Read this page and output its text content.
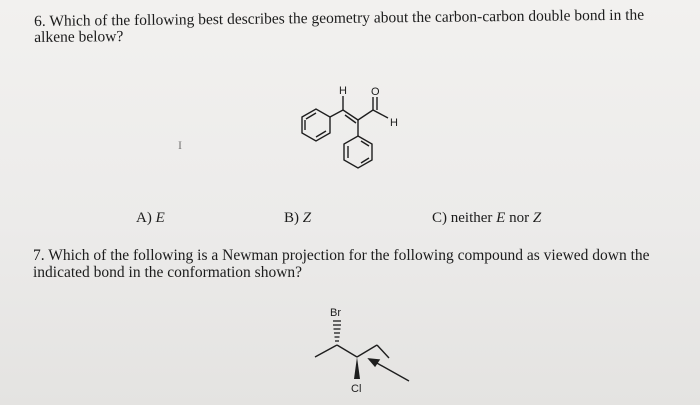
6. Which of the following best describes the geometry about the carbon-carbon double bond in the alkene below?
I
H O
H
A) E	B) Z	C) neither E nor Z
7. Which of the following is a Newman projection for the following compound as viewed down the indicated bond in the conformation shown?
Br
Cl
